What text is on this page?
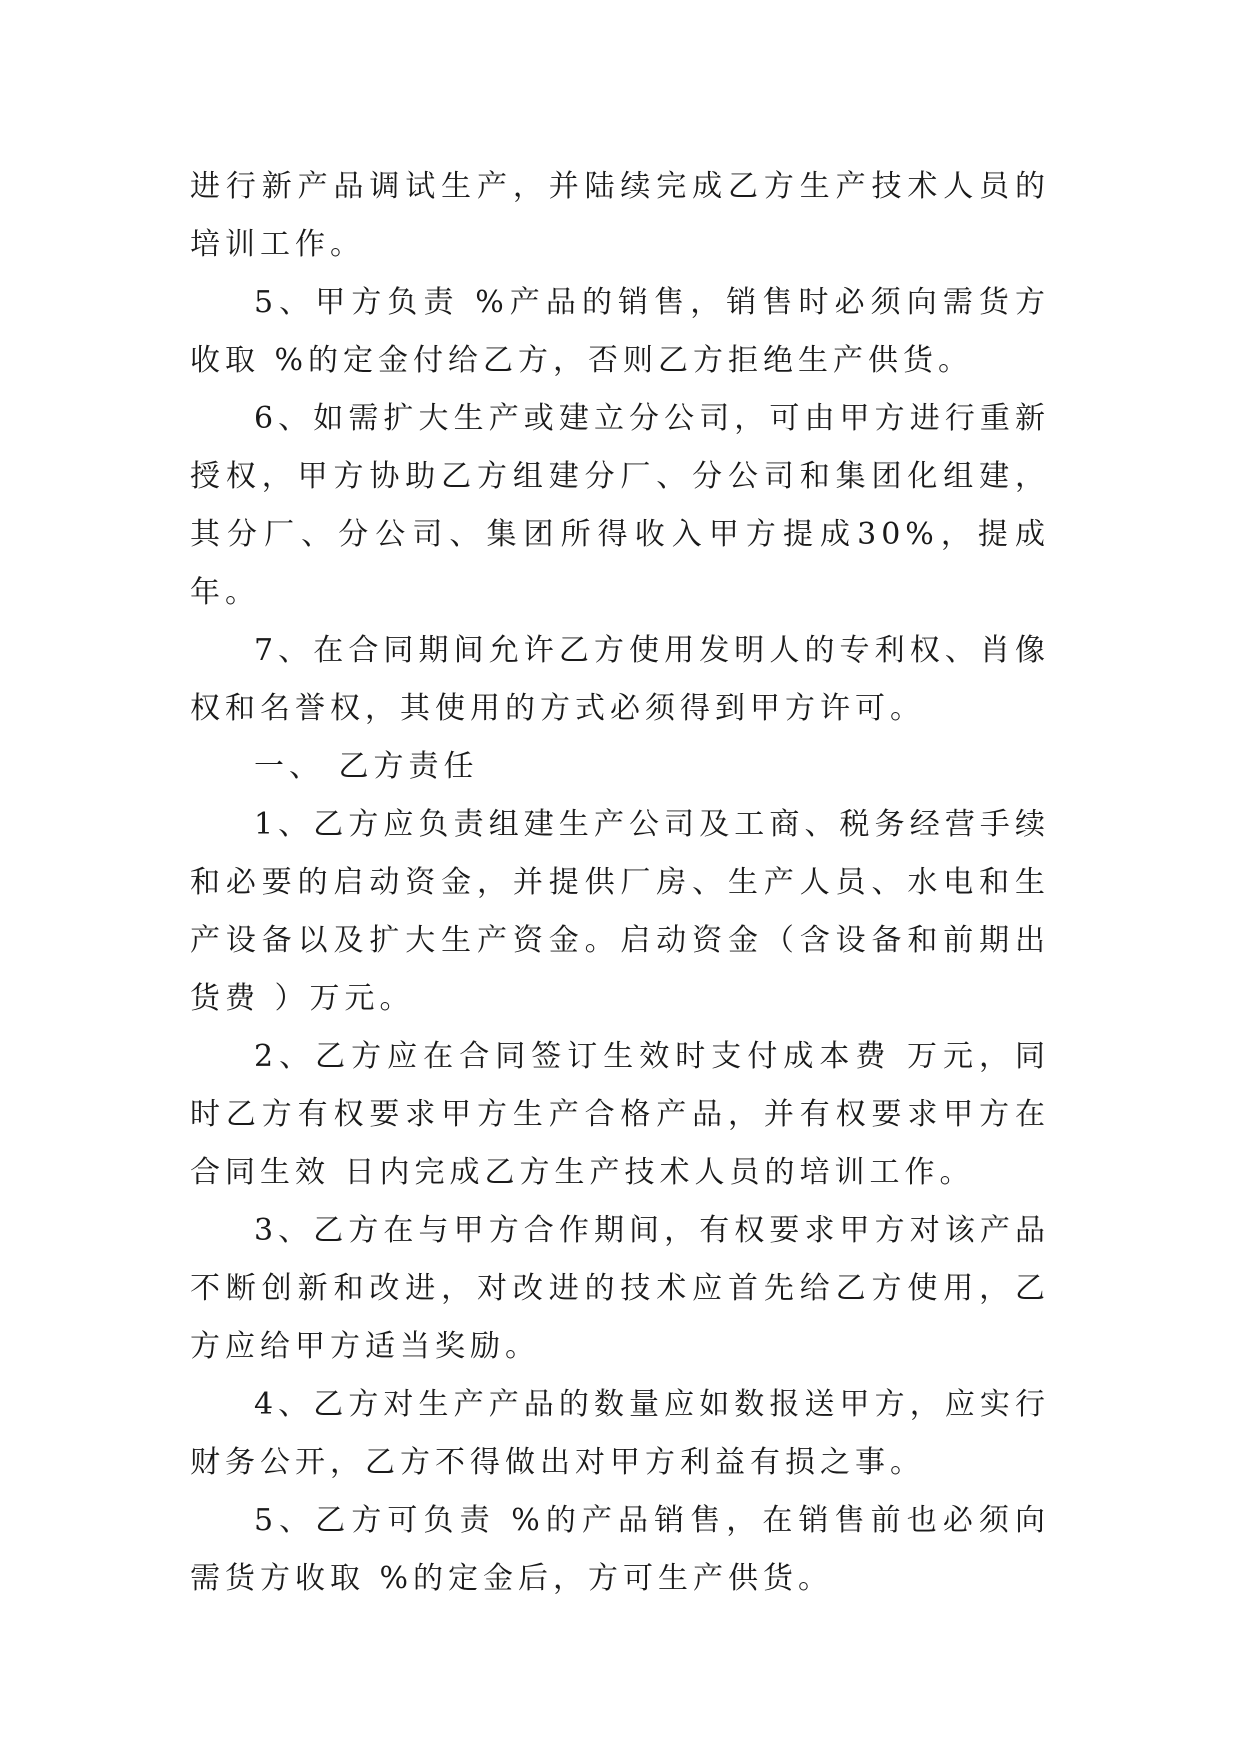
进行新产品调试生产，并陆续完成乙方生产技术人员的培训工作。

5、甲方负责 %产品的销售，销售时必须向需货方收取 %的定金付给乙方，否则乙方拒绝生产供货。

6、如需扩大生产或建立分公司，可由甲方进行重新授权，甲方协助乙方组建分厂、分公司和集团化组建，其分厂、分公司、集团所得收入甲方提成30%，提成 年。

7、在合同期间允许乙方使用发明人的专利权、肖像权和名誉权，其使用的方式必须得到甲方许可。

一、 乙方责任

1、乙方应负责组建生产公司及工商、税务经营手续和必要的启动资金，并提供厂房、生产人员、水电和生产设备以及扩大生产资金。启动资金（含设备和前期出货费 ）万元。

2、乙方应在合同签订生效时支付成本费 万元，同时乙方有权要求甲方生产合格产品，并有权要求甲方在合同生效 日内完成乙方生产技术人员的培训工作。

3、乙方在与甲方合作期间，有权要求甲方对该产品不断创新和改进，对改进的技术应首先给乙方使用，乙方应给甲方适当奖励。

4、乙方对生产产品的数量应如数报送甲方，应实行财务公开，乙方不得做出对甲方利益有损之事。

5、乙方可负责 %的产品销售，在销售前也必须向需货方收取 %的定金后，方可生产供货。
